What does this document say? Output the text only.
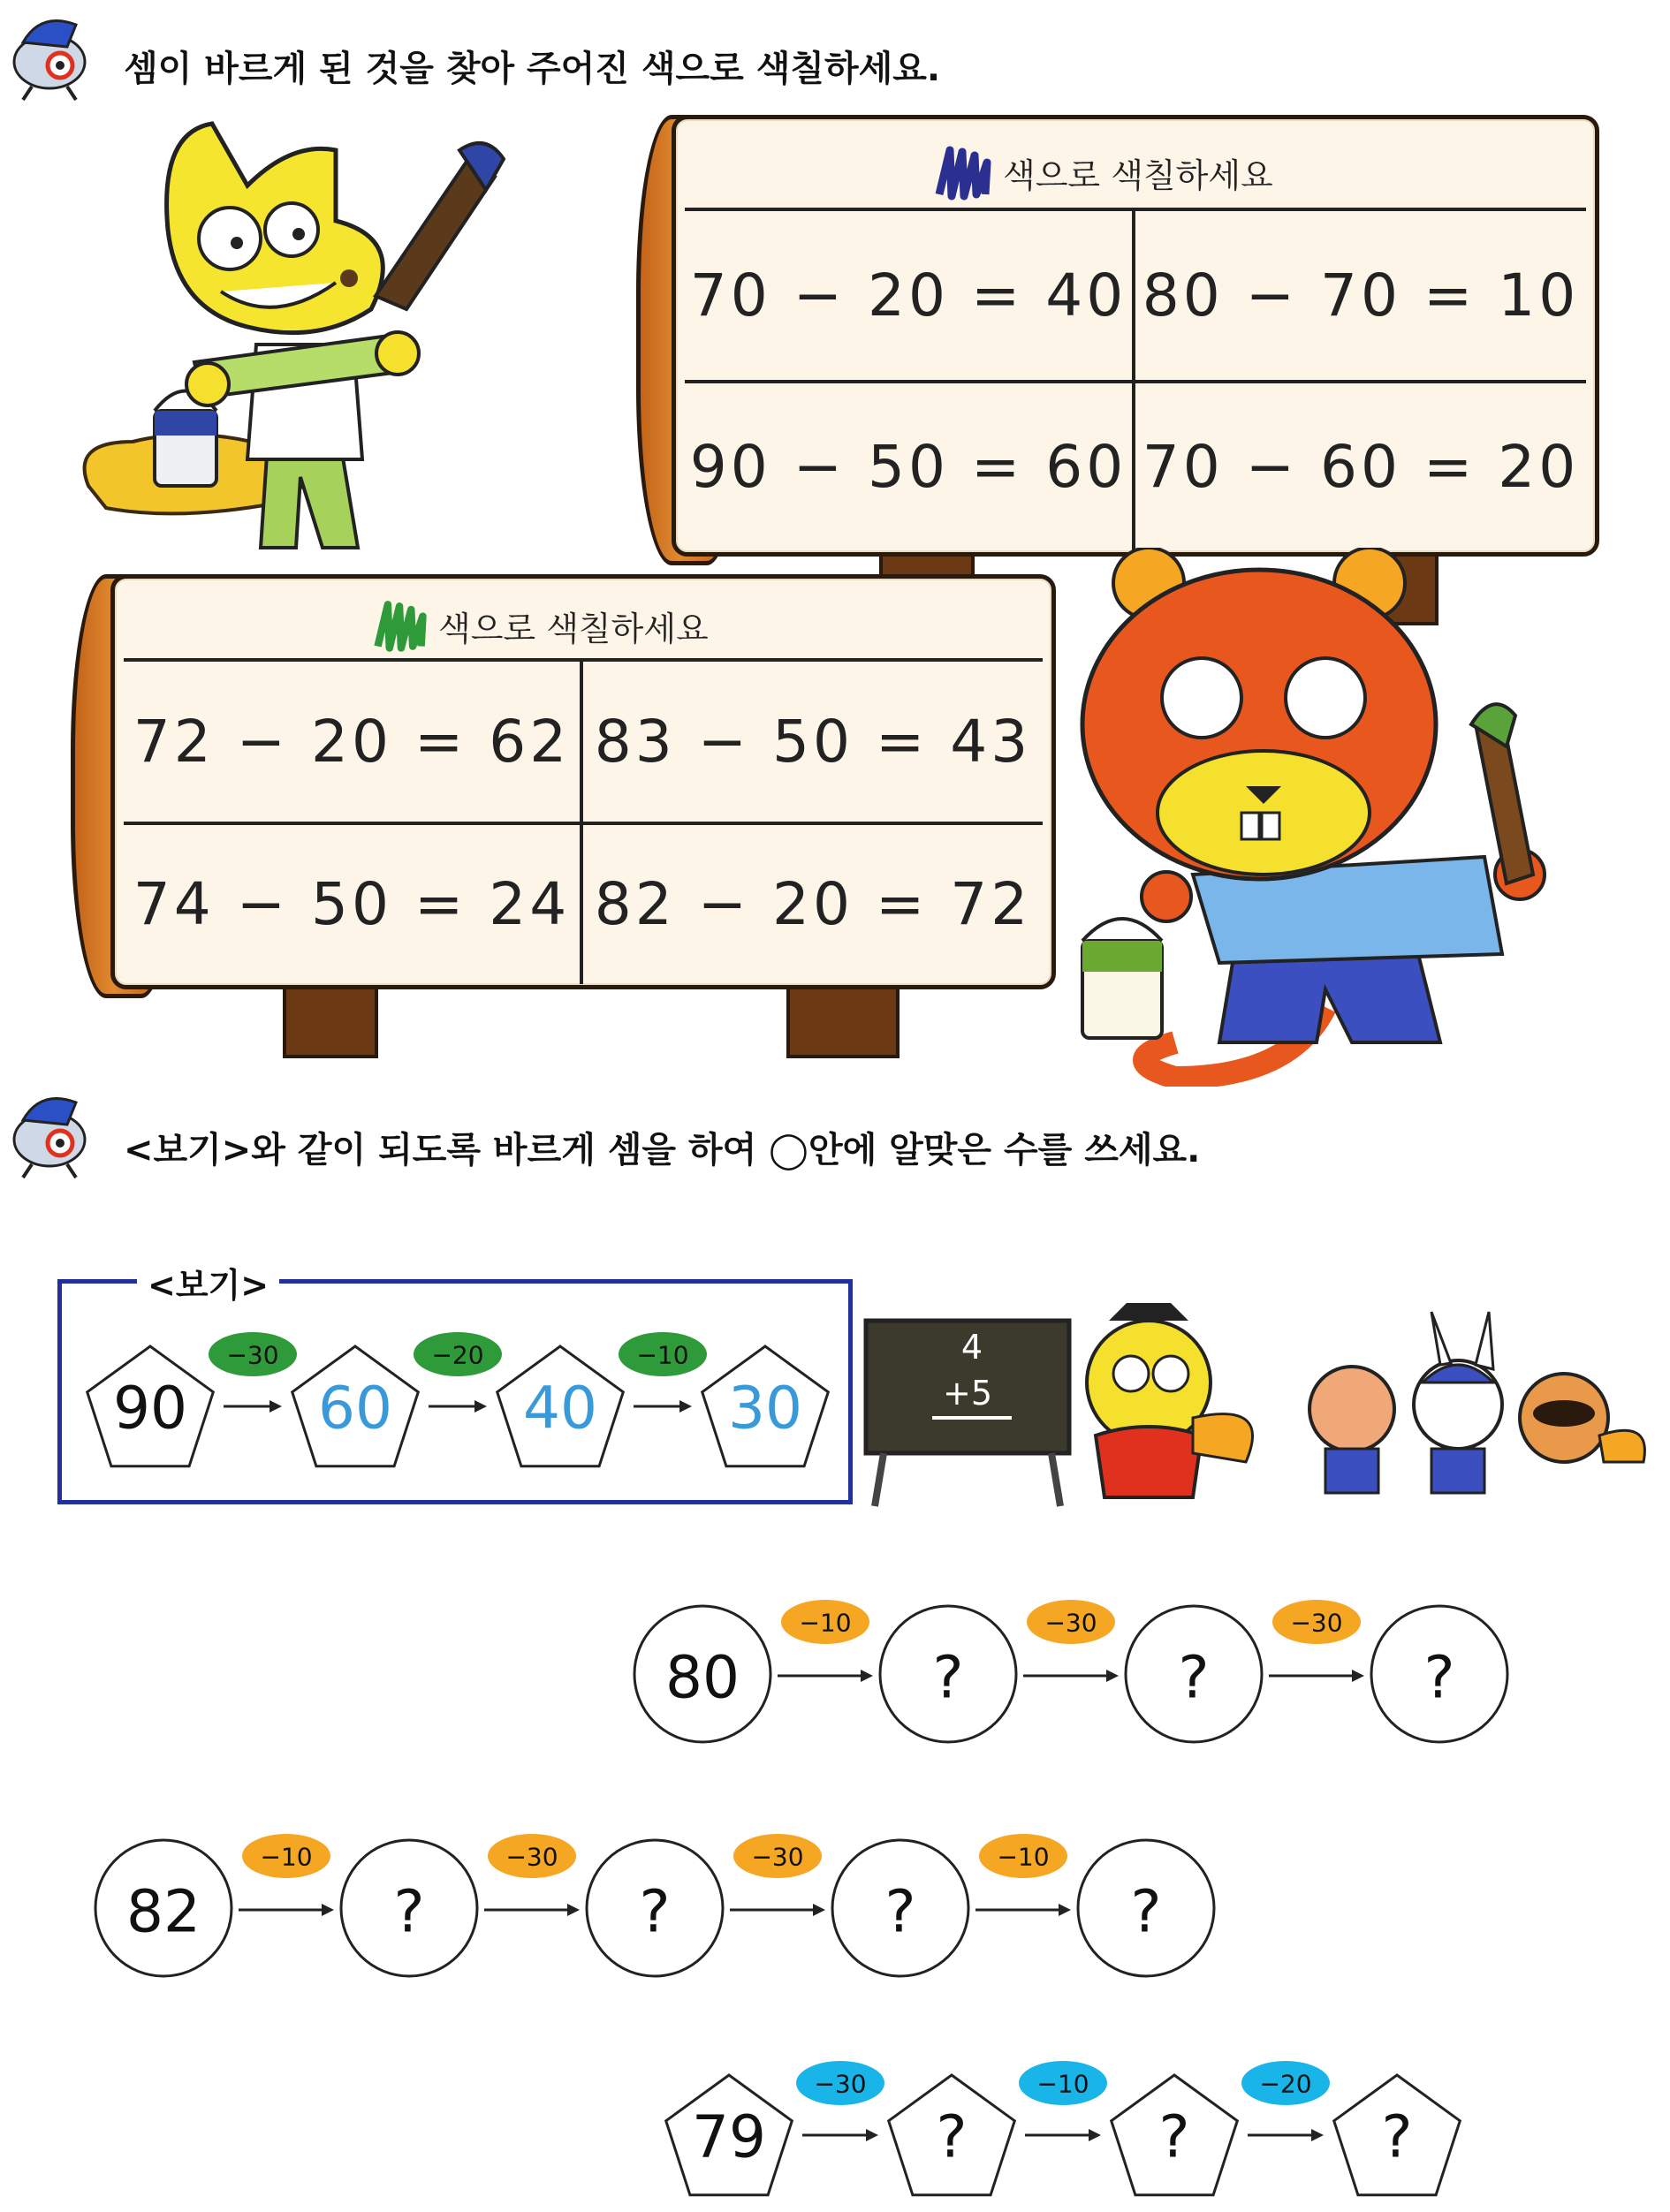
셈이 바르게 된 것을 찾아 주어진 색으로 색칠하세요.
색으로 색칠하세요
70 − 20 = 40 80 − 70 = 10
90 − 50 = 60 70 − 60 = 20
색으로 색칠하세요
72 − 20 = 62 83 − 50 = 43
74 − 50 = 24 82 − 20 = 72
<보기>와 같이 되도록 바르게 셈을 하여 ◯안에 알맞은 수를 쓰세요.
<보기>
90
−30
60
−20
40
−10
30
4
+5
80
−10
?
−30
?
−30
?
82
−10
?
−30
?
−30
?
−10
?
79
−30
?
−10
?
−20
?
